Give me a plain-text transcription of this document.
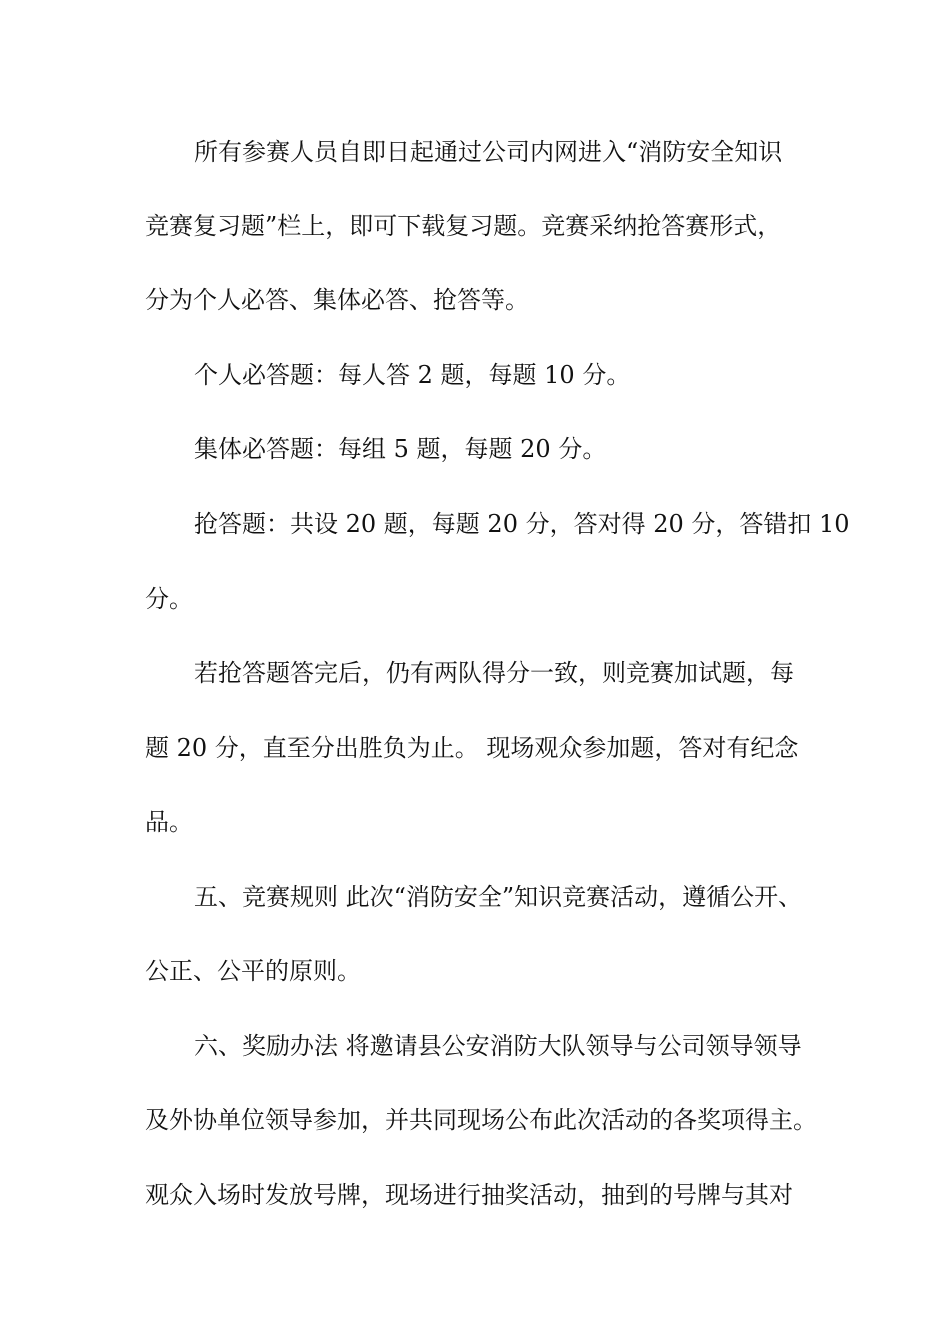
所有参赛人员自即日起通过公司内网进入“消防安全知识
竞赛复习题”栏上，即可下载复习题。竞赛采纳抢答赛形式，
分为个人必答、集体必答、抢答等。
个人必答题：每人答 2 题，每题 10 分。
集体必答题：每组 5 题，每题 20 分。
抢答题：共设 20 题，每题 20 分，答对得 20 分，答错扣 10
分。
若抢答题答完后，仍有两队得分一致，则竞赛加试题，每
题 20 分，直至分出胜负为止。 现场观众参加题，答对有纪念
品。
五、竞赛规则 此次“消防安全”知识竞赛活动，遵循公开、
公正、公平的原则。
六、奖励办法 将邀请县公安消防大队领导与公司领导领导
及外协单位领导参加，并共同现场公布此次活动的各奖项得主。
观众入场时发放号牌，现场进行抽奖活动，抽到的号牌与其对
